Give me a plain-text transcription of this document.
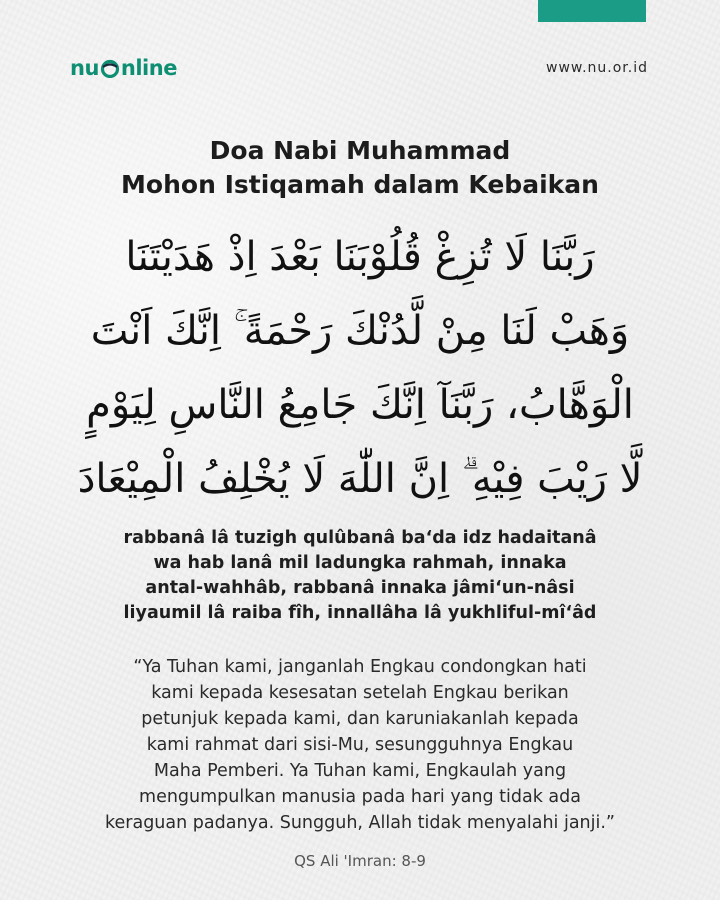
nu nline	www.nu.or.id
Doa Nabi Muhammad
Mohon Istiqamah dalam Kebaikan
رَبَّنَا لَا تُزِغْ قُلُوْبَنَا بَعْدَ اِذْ هَدَيْتَنَا
وَهَبْ لَنَا مِنْ لَّدُنْكَ رَحْمَةً ۚ اِنَّكَ اَنْتَ
الْوَهَّابُ، رَبَّنَآ اِنَّكَ جَامِعُ النَّاسِ لِيَوْمٍ
لَّا رَيْبَ فِيْهِ ۗ اِنَّ اللّٰهَ لَا يُخْلِفُ الْمِيْعَادَ
rabbanâ lâ tuzigh qulûbanâ ba‘da idz hadaitanâ
wa hab lanâ mil ladungka rahmah, innaka
antal-wahhâb, rabbanâ innaka jâmi‘un-nâsi
liyaumil lâ raiba fîh, innallâha lâ yukhliful-mî‘âd
“Ya Tuhan kami, janganlah Engkau condongkan hati
kami kepada kesesatan setelah Engkau berikan
petunjuk kepada kami, dan karuniakanlah kepada
kami rahmat dari sisi-Mu, sesungguhnya Engkau
Maha Pemberi. Ya Tuhan kami, Engkaulah yang
mengumpulkan manusia pada hari yang tidak ada
keraguan padanya. Sungguh, Allah tidak menyalahi janji.”
QS Ali 'Imran: 8-9
